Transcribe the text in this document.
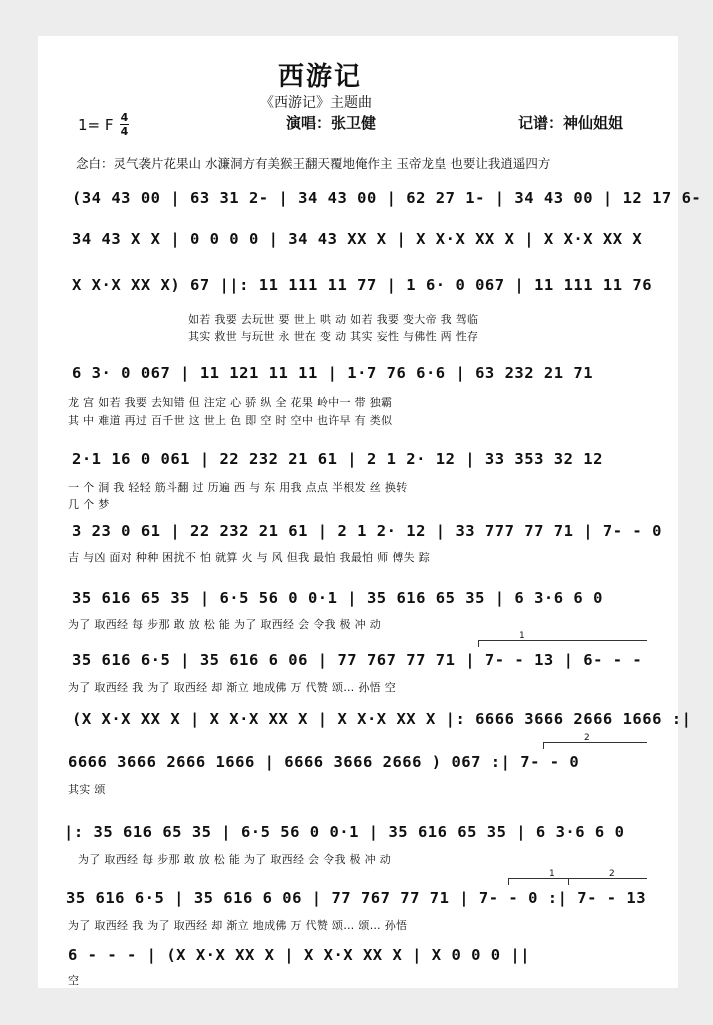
西游记
《西游记》主题曲
1= F 4
4	演唱：张卫健	记谱：神仙姐姐
念白：灵气袭片花果山 水濂洞方有美猴王翻天覆地俺作主 玉帝龙皇 也要让我逍遥四方
(34 43 00 | 63 31 2- | 34 43 00 | 62 27 1- | 34 43 00 | 12 17 6-
34 43 X X | 0 0 0 0 | 34 43 XX X | X X·X XX X | X X·X XX X
X X·X XX X) 67 ||: 11 111 11 77 | 1 6· 0 067 | 11 111 11 76
如若 我要 去玩世 要 世上 哄 动 如若 我要 变大帝 我 驾临
其实 救世 与玩世 永 世在 变 动 其实 妄性 与佛性 两 性存
6 3· 0 067 | 11 121 11 11 | 1·7 76 6·6 | 63 232 21 71
龙 宫 如若 我要 去知错 但 注定 心 骄 纵 全 花果 岭中一 带 独霸
其 中 难道 再过 百千世 这 世上 色 即 空 时 空中 也许早 有 类似
2·1 16 0 061 | 22 232 21 61 | 2 1 2· 12 | 33 353 32 12
一 个 洞 我 轻轻 筋斗翻 过 历遍 西 与 东 用我 点点 半根发 丝 换转
几 个 梦
3 23 0 61 | 22 232 21 61 | 2 1 2· 12 | 33 777 77 71 | 7- - 0
吉 与凶 面对 种种 困扰不 怕 就算 火 与 风 但我 最怕 我最怕 师 傅失 踪
35 616 65 35 | 6·5 56 0 0·1 | 35 616 65 35 | 6 3·6 6 0
为了 取西经 每 步那 敢 放 松 能 为了 取西经 会 令我 极 冲 动
1
35 616 6·5 | 35 616 6 06 | 77 767 77 71 | 7- - 13 | 6- - -
为了 取西经 我 为了 取西经 却 渐立 地成佛 万 代赞 颂… 孙悟 空
(X X·X XX X | X X·X XX X | X X·X XX X |: 6666 3666 2666 1666 :|
2
6666 3666 2666 1666 | 6666 3666 2666 ) 067 :| 7- - 0
其实 颂
|: 35 616 65 35 | 6·5 56 0 0·1 | 35 616 65 35 | 6 3·6 6 0
为了 取西经 每 步那 敢 放 松 能 为了 取西经 会 令我 极 冲 动
1	2
35 616 6·5 | 35 616 6 06 | 77 767 77 71 | 7- - 0 :| 7- - 13
为了 取西经 我 为了 取西经 却 渐立 地成佛 万 代赞 颂… 颂… 孙悟
6 - - - | (X X·X XX X | X X·X XX X | X 0 0 0 ||
空
